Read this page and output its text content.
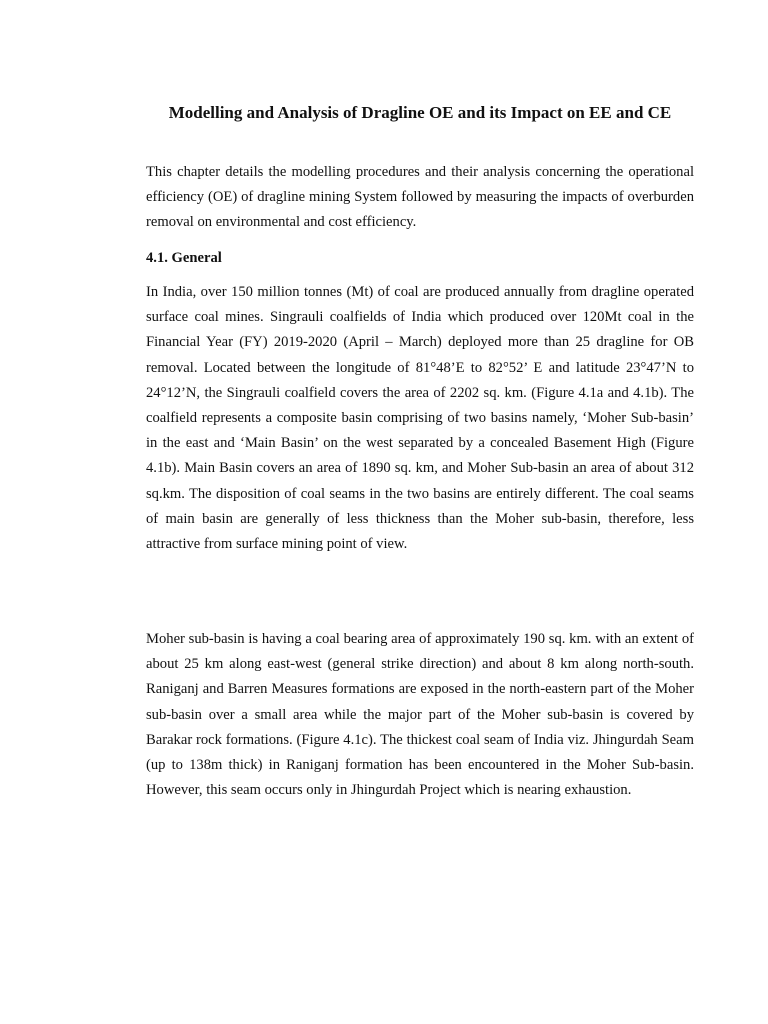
Modelling and Analysis of Dragline OE and its Impact on EE and CE

This chapter details the modelling procedures and their analysis concerning the operational efficiency (OE) of dragline mining System followed by measuring the impacts of overburden removal on environmental and cost efficiency.

4.1. General

In India, over 150 million tonnes (Mt) of coal are produced annually from dragline operated surface coal mines. Singrauli coalfields of India which produced over 120Mt coal in the Financial Year (FY) 2019-2020 (April – March) deployed more than 25 dragline for OB removal. Located between the longitude of 81°48’E to 82°52’ E and latitude 23°47’N to 24°12’N, the Singrauli coalfield covers the area of 2202 sq. km. (Figure 4.1a and 4.1b). The coalfield represents a composite basin comprising of two basins namely, ‘Moher Sub-basin’ in the east and ‘Main Basin’ on the west separated by a concealed Basement High (Figure 4.1b). Main Basin covers an area of 1890 sq. km, and Moher Sub-basin an area of about 312 sq.km. The disposition of coal seams in the two basins are entirely different. The coal seams of main basin are generally of less thickness than the Moher sub-basin, therefore, less attractive from surface mining point of view.

Moher sub-basin is having a coal bearing area of approximately 190 sq. km. with an extent of about 25 km along east-west (general strike direction) and about 8 km along north-south. Raniganj and Barren Measures formations are exposed in the north-eastern part of the Moher sub-basin over a small area while the major part of the Moher sub-basin is covered by Barakar rock formations. (Figure 4.1c). The thickest coal seam of India viz. Jhingurdah Seam (up to 138m thick) in Raniganj formation has been encountered in the Moher Sub-basin. However, this seam occurs only in Jhingurdah Project which is nearing exhaustion.
